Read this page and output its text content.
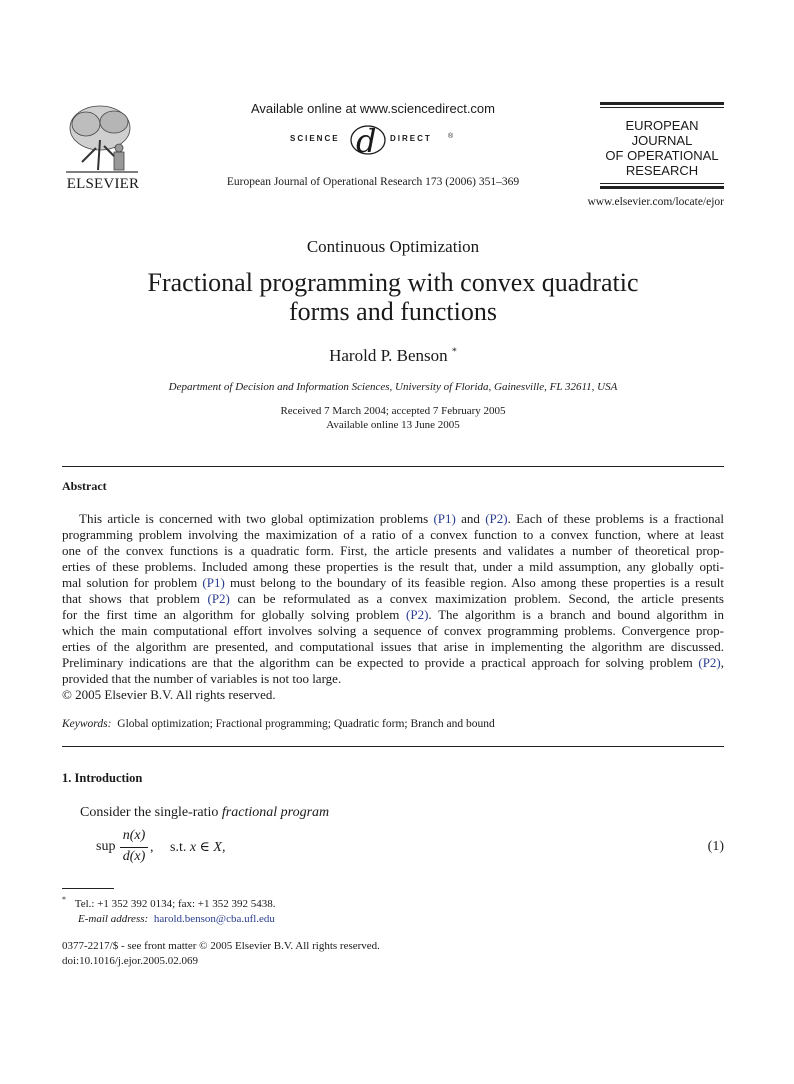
ELSEVIER
Available online at www.sciencedirect.com
SCIENCE d DIRECT ®
European Journal of Operational Research 173 (2006) 351–369
EUROPEAN
JOURNAL
OF OPERATIONAL
RESEARCH
www.elsevier.com/locate/ejor
Continuous Optimization
Fractional programming with convex quadratic
forms and functions
Harold P. Benson *
Department of Decision and Information Sciences, University of Florida, Gainesville, FL 32611, USA
Received 7 March 2004; accepted 7 February 2005
Available online 13 June 2005
Abstract
This article is concerned with two global optimization problems (P1) and (P2). Each of these problems is a fractional
programming problem involving the maximization of a ratio of a convex function to a convex function, where at least
one of the convex functions is a quadratic form. First, the article presents and validates a number of theoretical prop-
erties of these problems. Included among these properties is the result that, under a mild assumption, any globally opti-
mal solution for problem (P1) must belong to the boundary of its feasible region. Also among these properties is a result
that shows that problem (P2) can be reformulated as a convex maximization problem. Second, the article presents
for the first time an algorithm for globally solving problem (P2). The algorithm is a branch and bound algorithm in
which the main computational effort involves solving a sequence of convex programming problems. Convergence prop-
erties of the algorithm are presented, and computational issues that arise in implementing the algorithm are discussed.
Preliminary indications are that the algorithm can be expected to provide a practical approach for solving problem (P2),
provided that the number of variables is not too large.
© 2005 Elsevier B.V. All rights reserved.
Keywords: Global optimization; Fractional programming; Quadratic form; Branch and bound
1. Introduction
Consider the single-ratio fractional program
sup
n(x)
d(x)
, s.t. x ∈ X,	(1)
* Tel.: +1 352 392 0134; fax: +1 352 392 5438.
E-mail address: harold.benson@cba.ufl.edu
0377-2217/$ - see front matter © 2005 Elsevier B.V. All rights reserved.
doi:10.1016/j.ejor.2005.02.069
